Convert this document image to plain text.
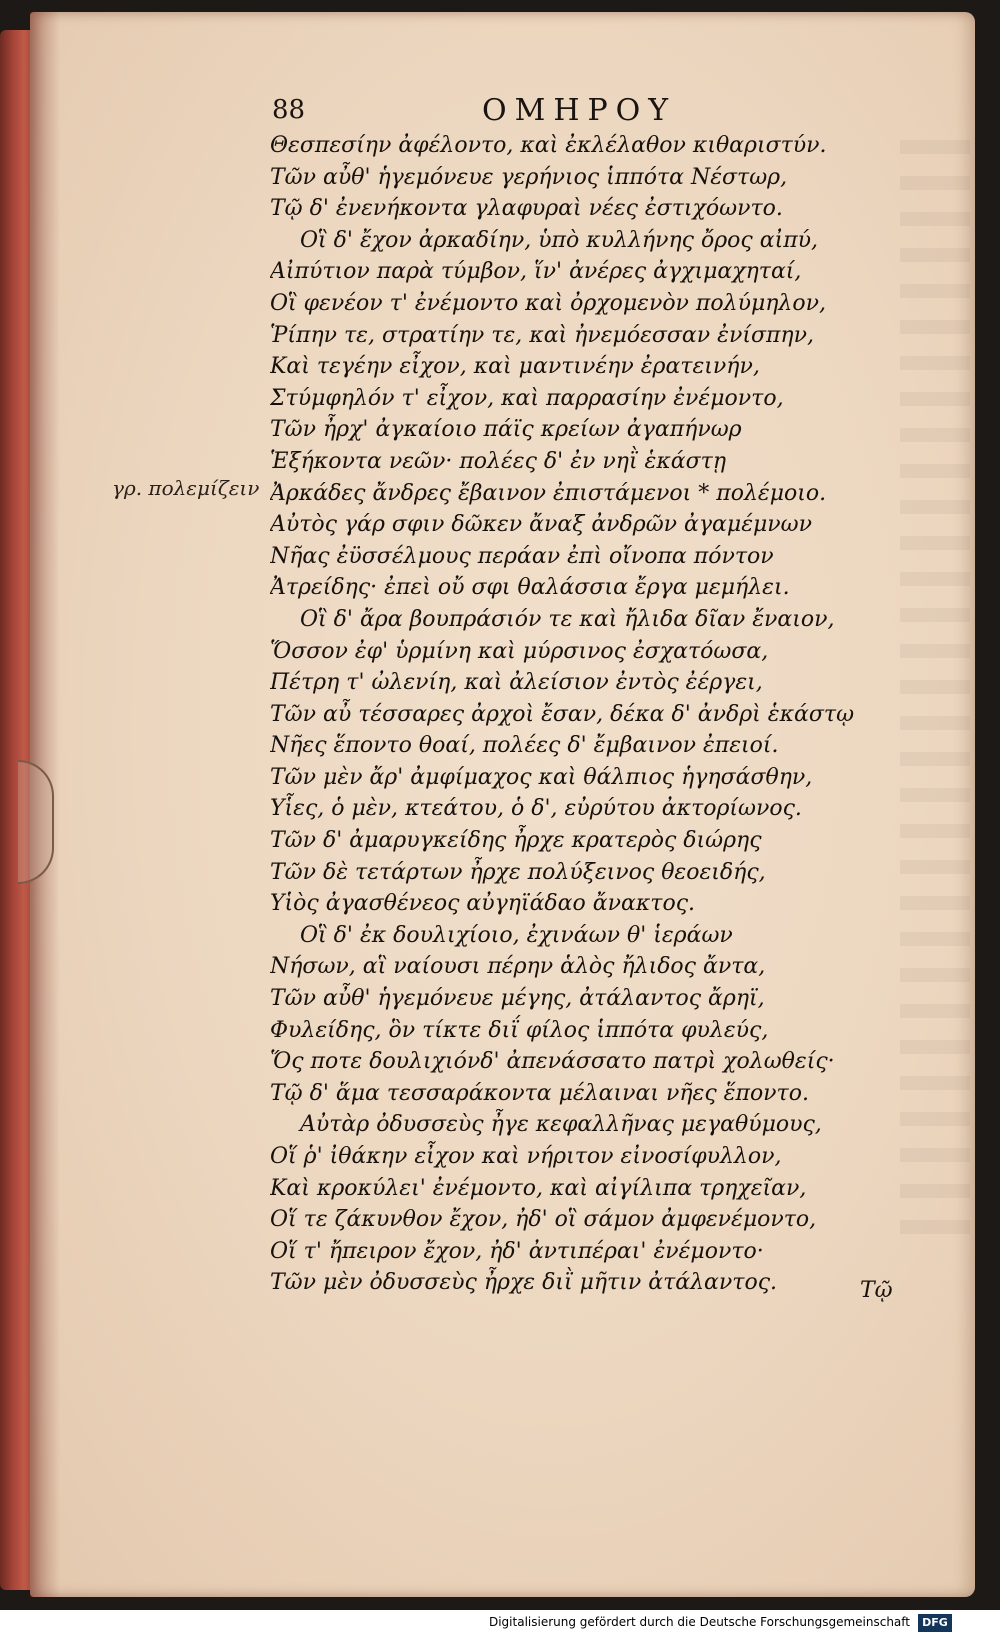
88	ΟΜΗΡΟΥ
γρ. πολεμίζειν
Θεσπεσίην ἀφέλοντο, καὶ ἐκλέλαθον κιθαριστύν.
Τῶν αὖθ' ἡγεμόνευε γερήνιος ἱππότα Νέστωρ,
Τῷ δ' ἐνενήκοντα γλαφυραὶ νέες ἐστιχόωντο.
Οἳ δ' ἔχον ἀρκαδίην, ὑπὸ κυλλήνης ὄρος αἰπύ,
Αἰπύτιον παρὰ τύμβον, ἵν' ἀνέρες ἀγχιμαχηταί,
Οἳ φενέον τ' ἐνέμοντο καὶ ὀρχομενὸν πολύμηλον,
Ῥίπην τε, στρατίην τε, καὶ ἠνεμόεσσαν ἐνίσπην,
Καὶ τεγέην εἶχον, καὶ μαντινέην ἐρατεινήν,
Στύμφηλόν τ' εἶχον, καὶ παρρασίην ἐνέμοντο,
Τῶν ἦρχ' ἀγκαίοιο πάϊς κρείων ἀγαπήνωρ
Ἑξήκοντα νεῶν· πολέες δ' ἐν νηῒ ἑκάστῃ
Ἀρκάδες ἄνδρες ἔβαινον ἐπιστάμενοι * πολέμοιο.
Αὐτὸς γάρ σφιν δῶκεν ἄναξ ἀνδρῶν ἀγαμέμνων
Νῆας ἐϋσσέλμους περάαν ἐπὶ οἴνοπα πόντον
Ἀτρείδης· ἐπεὶ οὔ σφι θαλάσσια ἔργα μεμήλει.
Οἳ δ' ἄρα βουπράσιόν τε καὶ ἤλιδα δῖαν ἔναιον,
Ὅσσον ἐφ' ὑρμίνη καὶ μύρσινος ἐσχατόωσα,
Πέτρη τ' ὠλενίη, καὶ ἀλείσιον ἐντὸς ἐέργει,
Τῶν αὖ τέσσαρες ἀρχοὶ ἔσαν, δέκα δ' ἀνδρὶ ἑκάστῳ
Νῆες ἕποντο θοαί, πολέες δ' ἔμβαινον ἐπειοί.
Τῶν μὲν ἄρ' ἀμφίμαχος καὶ θάλπιος ἡγησάσθην,
Υἷες, ὁ μὲν, κτεάτου, ὁ δ', εὐρύτου ἀκτορίωνος.
Τῶν δ' ἀμαρυγκείδης ἦρχε κρατερὸς διώρης
Τῶν δὲ τετάρτων ἦρχε πολύξεινος θεοειδής,
Υἱὸς ἀγασθένεος αὐγηϊάδαο ἄνακτος.
Οἳ δ' ἐκ δουλιχίοιο, ἐχινάων θ' ἱεράων
Νήσων, αἳ ναίουσι πέρην ἁλὸς ἤλιδος ἄντα,
Τῶν αὖθ' ἡγεμόνευε μέγης, ἀτάλαντος ἄρηϊ,
Φυλείδης, ὃν τίκτε διΐ φίλος ἱππότα φυλεύς,
Ὅς ποτε δουλιχιόνδ' ἀπενάσσατο πατρὶ χολωθείς·
Τῷ δ' ἅμα τεσσαράκοντα μέλαιναι νῆες ἕποντο.
Αὐτὰρ ὀδυσσεὺς ἦγε κεφαλλῆνας μεγαθύμους,
Οἵ ῥ' ἰθάκην εἶχον καὶ νήριτον εἰνοσίφυλλον,
Καὶ κροκύλει' ἐνέμοντο, καὶ αἰγίλιπα τρηχεῖαν,
Οἵ τε ζάκυνθον ἔχον, ἠδ' οἳ σάμον ἀμφενέμοντο,
Οἵ τ' ἤπειρον ἔχον, ἠδ' ἀντιπέραι' ἐνέμοντο·
Τῶν μὲν ὀδυσσεὺς ἦρχε διῒ μῆτιν ἀτάλαντος.	Τῷ
Digitalisierung gefördert durch die Deutsche Forschungsgemeinschaft	DFG
